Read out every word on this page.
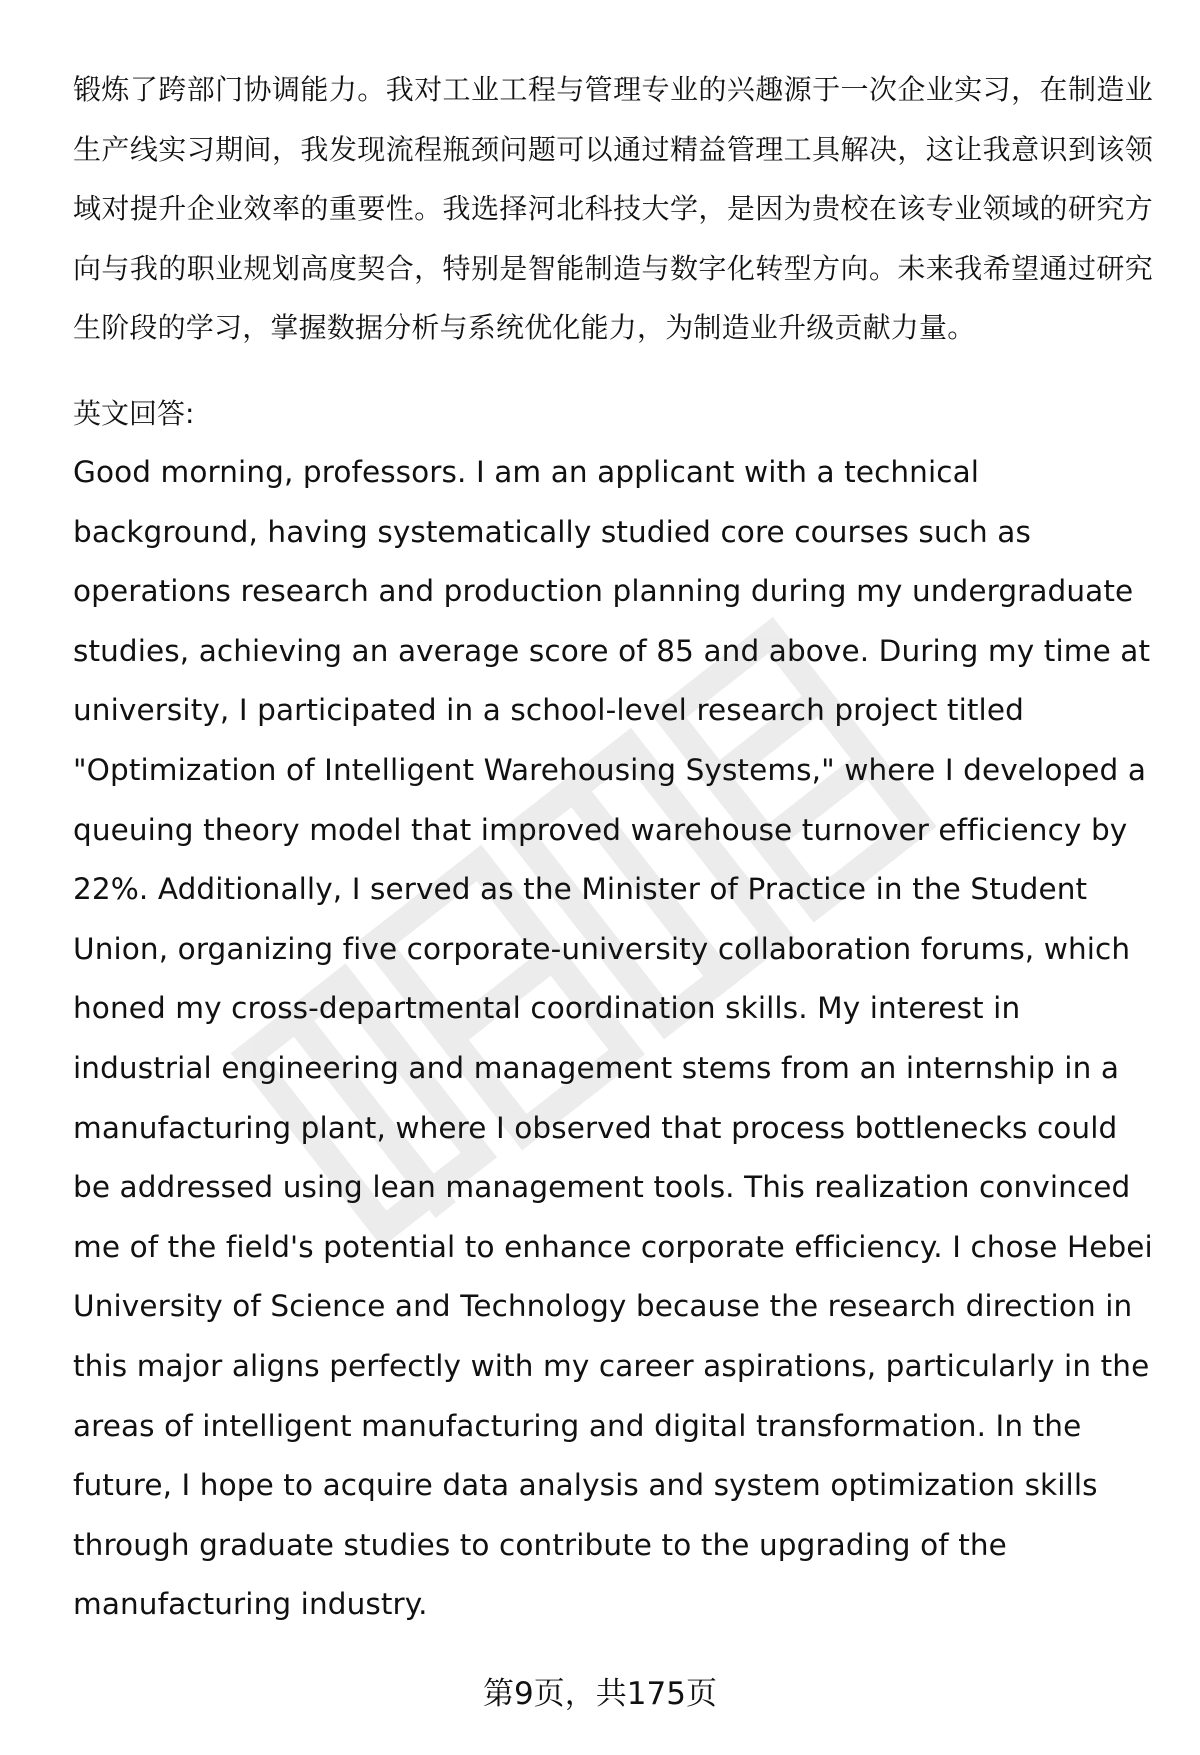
锻炼了跨部门协调能力。我对工业工程与管理专业的兴趣源于一次企业实习，在制造业生产线实习期间，我发现流程瓶颈问题可以通过精益管理工具解决，这让我意识到该领域对提升企业效率的重要性。我选择河北科技大学，是因为贵校在该专业领域的研究方向与我的职业规划高度契合，特别是智能制造与数字化转型方向。未来我希望通过研究生阶段的学习，掌握数据分析与系统优化能力，为制造业升级贡献力量。

英文回答:

Good morning, professors. I am an applicant with a technical background, having systematically studied core courses such as operations research and production planning during my undergraduate studies, achieving an average score of 85 and above. During my time at university, I participated in a school-level research project titled "Optimization of Intelligent Warehousing Systems," where I developed a queuing theory model that improved warehouse turnover efficiency by 22%. Additionally, I served as the Minister of Practice in the Student Union, organizing five corporate-university collaboration forums, which honed my cross-departmental coordination skills. My interest in industrial engineering and management stems from an internship in a manufacturing plant, where I observed that process bottlenecks could be addressed using lean management tools. This realization convinced me of the field's potential to enhance corporate efficiency. I chose Hebei University of Science and Technology because the research direction in this major aligns perfectly with my career aspirations, particularly in the areas of intelligent manufacturing and digital transformation. In the future, I hope to acquire data analysis and system optimization skills through graduate studies to contribute to the upgrading of the manufacturing industry.

第9页，共175页
